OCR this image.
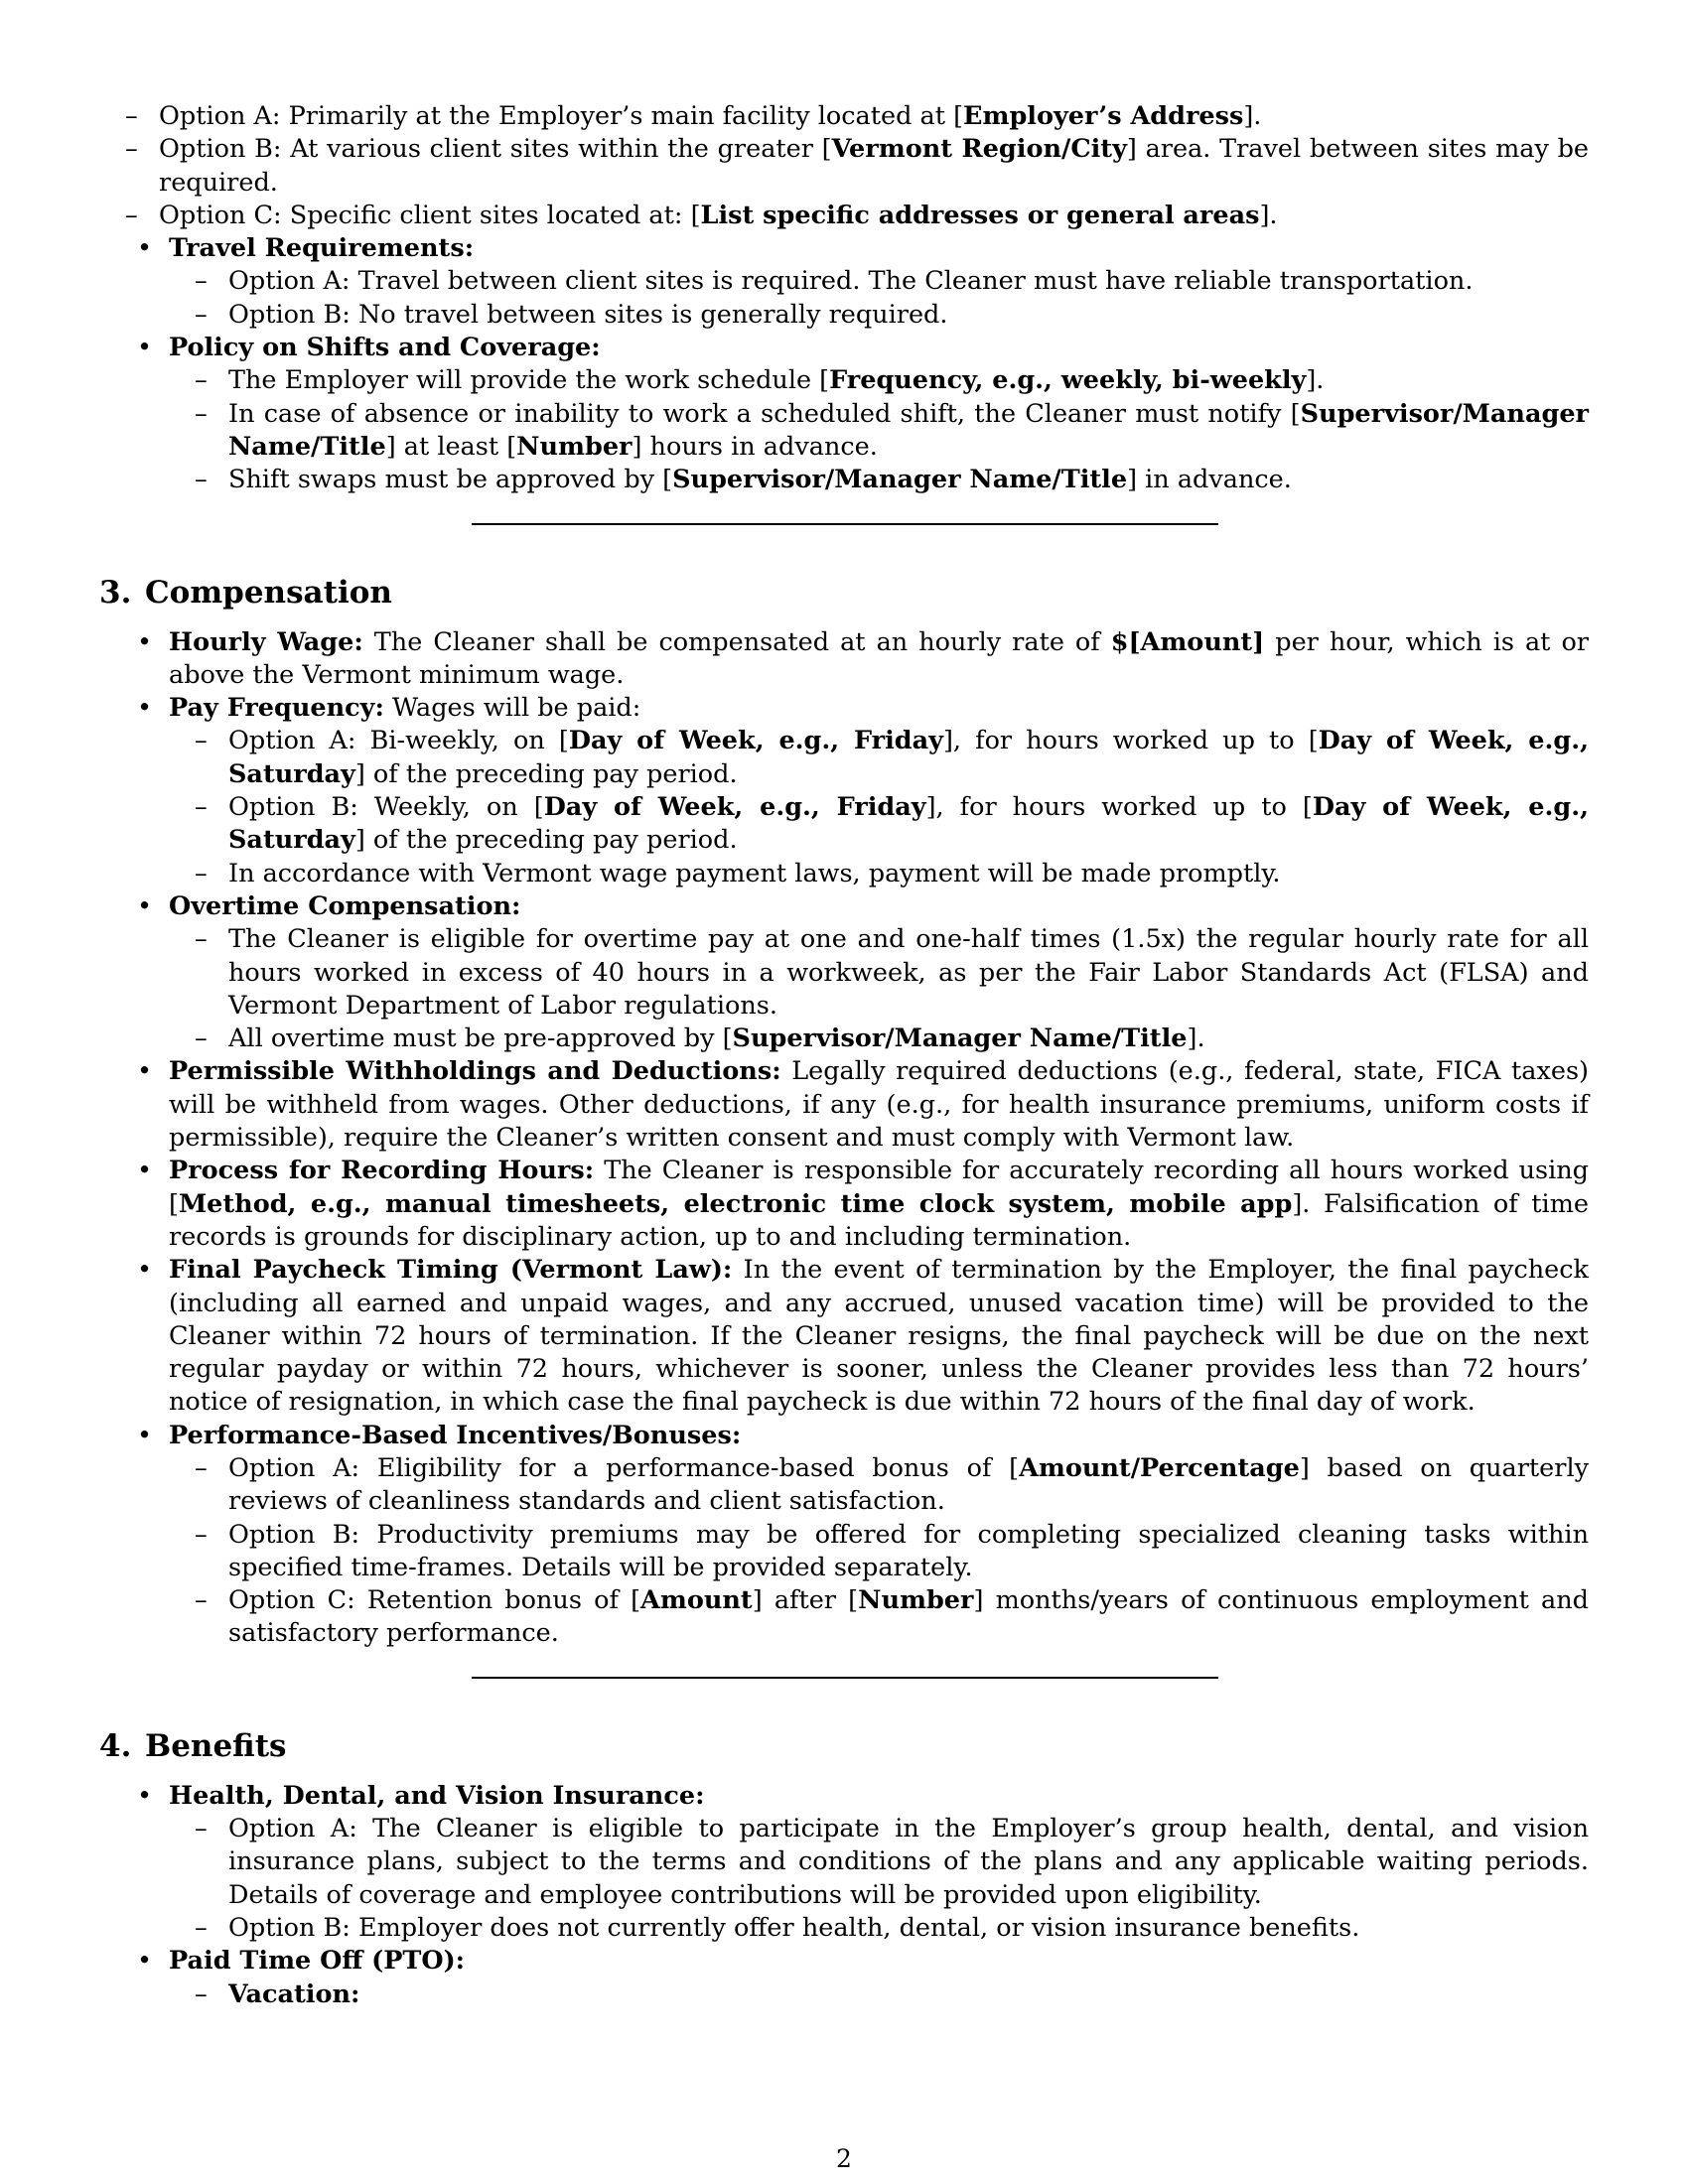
– Option A: Primarily at the Employer’s main facility located at [Employer’s Address].
– Option B: At various client sites within the greater [Vermont Region/City] area. Travel between sites may be required.
– Option C: Specific client sites located at: [List specific addresses or general areas].
• Travel Requirements:
– Option A: Travel between client sites is required. The Cleaner must have reliable transportation.
– Option B: No travel between sites is generally required.
• Policy on Shifts and Coverage:
– The Employer will provide the work schedule [Frequency, e.g., weekly, bi-weekly].
– In case of absence or inability to work a scheduled shift, the Cleaner must notify [Supervisor/Manager Name/Title] at least [Number] hours in advance.
– Shift swaps must be approved by [Supervisor/Manager Name/Title] in advance.
3. Compensation
• Hourly Wage: The Cleaner shall be compensated at an hourly rate of $[Amount] per hour, which is at or above the Vermont minimum wage.
• Pay Frequency: Wages will be paid:
– Option A: Bi-weekly, on [Day of Week, e.g., Friday], for hours worked up to [Day of Week, e.g., Saturday] of the preceding pay period.
– Option B: Weekly, on [Day of Week, e.g., Friday], for hours worked up to [Day of Week, e.g., Saturday] of the preceding pay period.
– In accordance with Vermont wage payment laws, payment will be made promptly.
• Overtime Compensation:
– The Cleaner is eligible for overtime pay at one and one-half times (1.5x) the regular hourly rate for all hours worked in excess of 40 hours in a workweek, as per the Fair Labor Standards Act (FLSA) and Vermont Department of Labor regulations.
– All overtime must be pre-approved by [Supervisor/Manager Name/Title].
• Permissible Withholdings and Deductions: Legally required deductions (e.g., federal, state, FICA taxes) will be withheld from wages. Other deductions, if any (e.g., for health insurance premiums, uniform costs if permissible), require the Cleaner’s written consent and must comply with Vermont law.
• Process for Recording Hours: The Cleaner is responsible for accurately recording all hours worked using [Method, e.g., manual timesheets, electronic time clock system, mobile app]. Falsification of time records is grounds for disciplinary action, up to and including termination.
• Final Paycheck Timing (Vermont Law): In the event of termination by the Employer, the final paycheck (including all earned and unpaid wages, and any accrued, unused vacation time) will be provided to the Cleaner within 72 hours of termination. If the Cleaner resigns, the final paycheck will be due on the next regular payday or within 72 hours, whichever is sooner, unless the Cleaner provides less than 72 hours’ notice of resignation, in which case the final paycheck is due within 72 hours of the final day of work.
• Performance-Based Incentives/Bonuses:
– Option A: Eligibility for a performance-based bonus of [Amount/Percentage] based on quarterly reviews of cleanliness standards and client satisfaction.
– Option B: Productivity premiums may be offered for completing specialized cleaning tasks within specified time-frames. Details will be provided separately.
– Option C: Retention bonus of [Amount] after [Number] months/years of continuous employment and satisfactory performance.
4. Benefits
• Health, Dental, and Vision Insurance:
– Option A: The Cleaner is eligible to participate in the Employer’s group health, dental, and vision insurance plans, subject to the terms and conditions of the plans and any applicable waiting periods. Details of coverage and employee contributions will be provided upon eligibility.
– Option B: Employer does not currently offer health, dental, or vision insurance benefits.
• Paid Time Off (PTO):
– Vacation:
2
